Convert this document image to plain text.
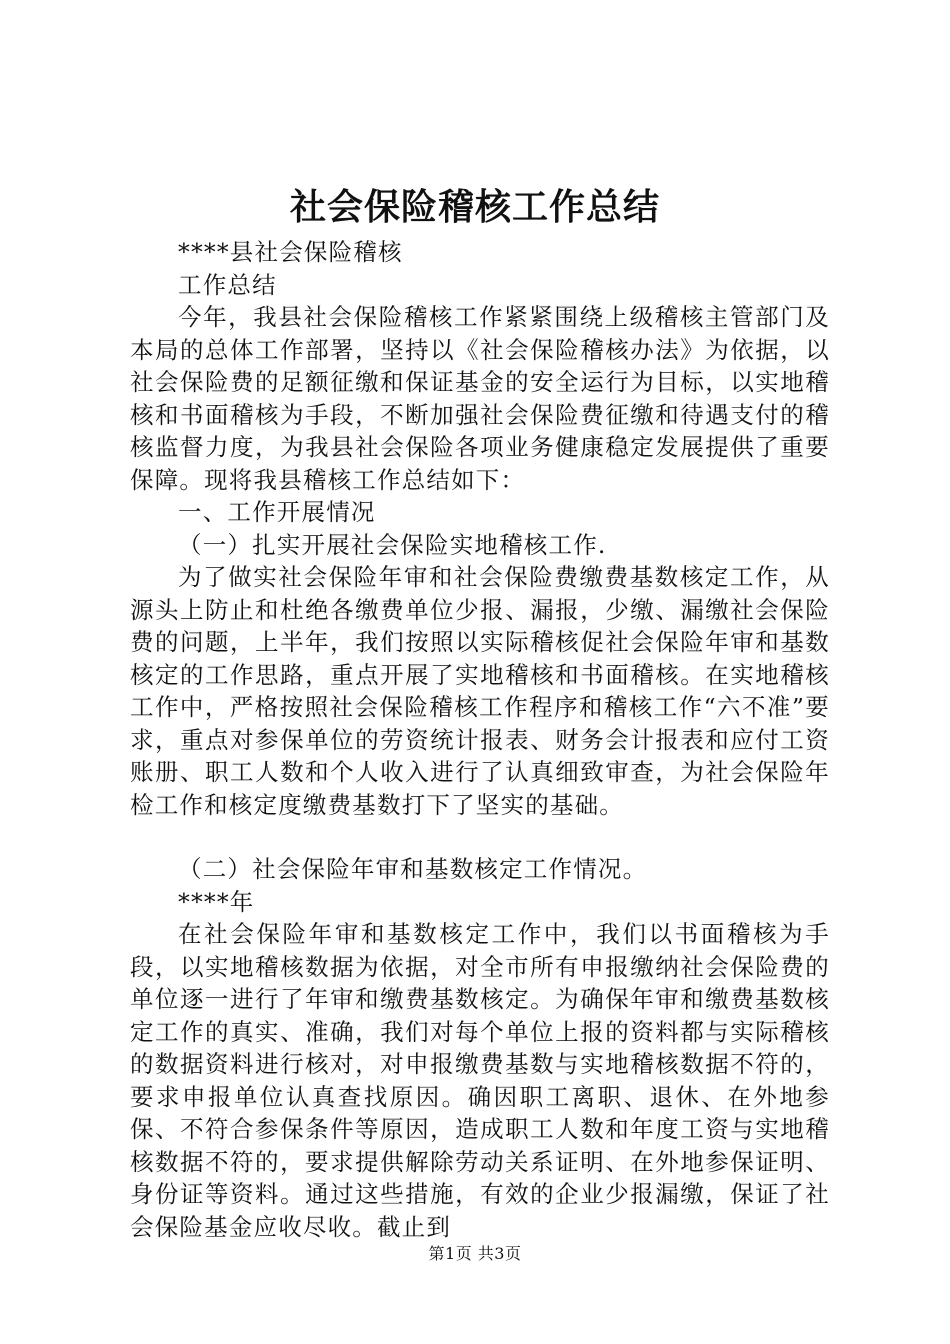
社会保险稽核工作总结

****县社会保险稽核

工作总结

今年，我县社会保险稽核工作紧紧围绕上级稽核主管部门及本局的总体工作部署，坚持以《社会保险稽核办法》为依据，以社会保险费的足额征缴和保证基金的安全运行为目标，以实地稽核和书面稽核为手段，不断加强社会保险费征缴和待遇支付的稽核监督力度，为我县社会保险各项业务健康稳定发展提供了重要保障。现将我县稽核工作总结如下：

一、工作开展情况

（一）扎实开展社会保险实地稽核工作.

为了做实社会保险年审和社会保险费缴费基数核定工作，从源头上防止和杜绝各缴费单位少报、漏报，少缴、漏缴社会保险费的问题，上半年，我们按照以实际稽核促社会保险年审和基数核定的工作思路，重点开展了实地稽核和书面稽核。在实地稽核工作中，严格按照社会保险稽核工作程序和稽核工作“六不准”要求，重点对参保单位的劳资统计报表、财务会计报表和应付工资账册、职工人数和个人收入进行了认真细致审查，为社会保险年检工作和核定度缴费基数打下了坚实的基础。

（二）社会保险年审和基数核定工作情况。

****年

在社会保险年审和基数核定工作中，我们以书面稽核为手段，以实地稽核数据为依据，对全市所有申报缴纳社会保险费的单位逐一进行了年审和缴费基数核定。为确保年审和缴费基数核定工作的真实、准确，我们对每个单位上报的资料都与实际稽核的数据资料进行核对，对申报缴费基数与实地稽核数据不符的，要求申报单位认真查找原因。确因职工离职、退休、在外地参保、不符合参保条件等原因，造成职工人数和年度工资与实地稽核数据不符的，要求提供解除劳动关系证明、在外地参保证明、身份证等资料。通过这些措施，有效的企业少报漏缴，保证了社会保险基金应收尽收。截止到

第1页 共3页
